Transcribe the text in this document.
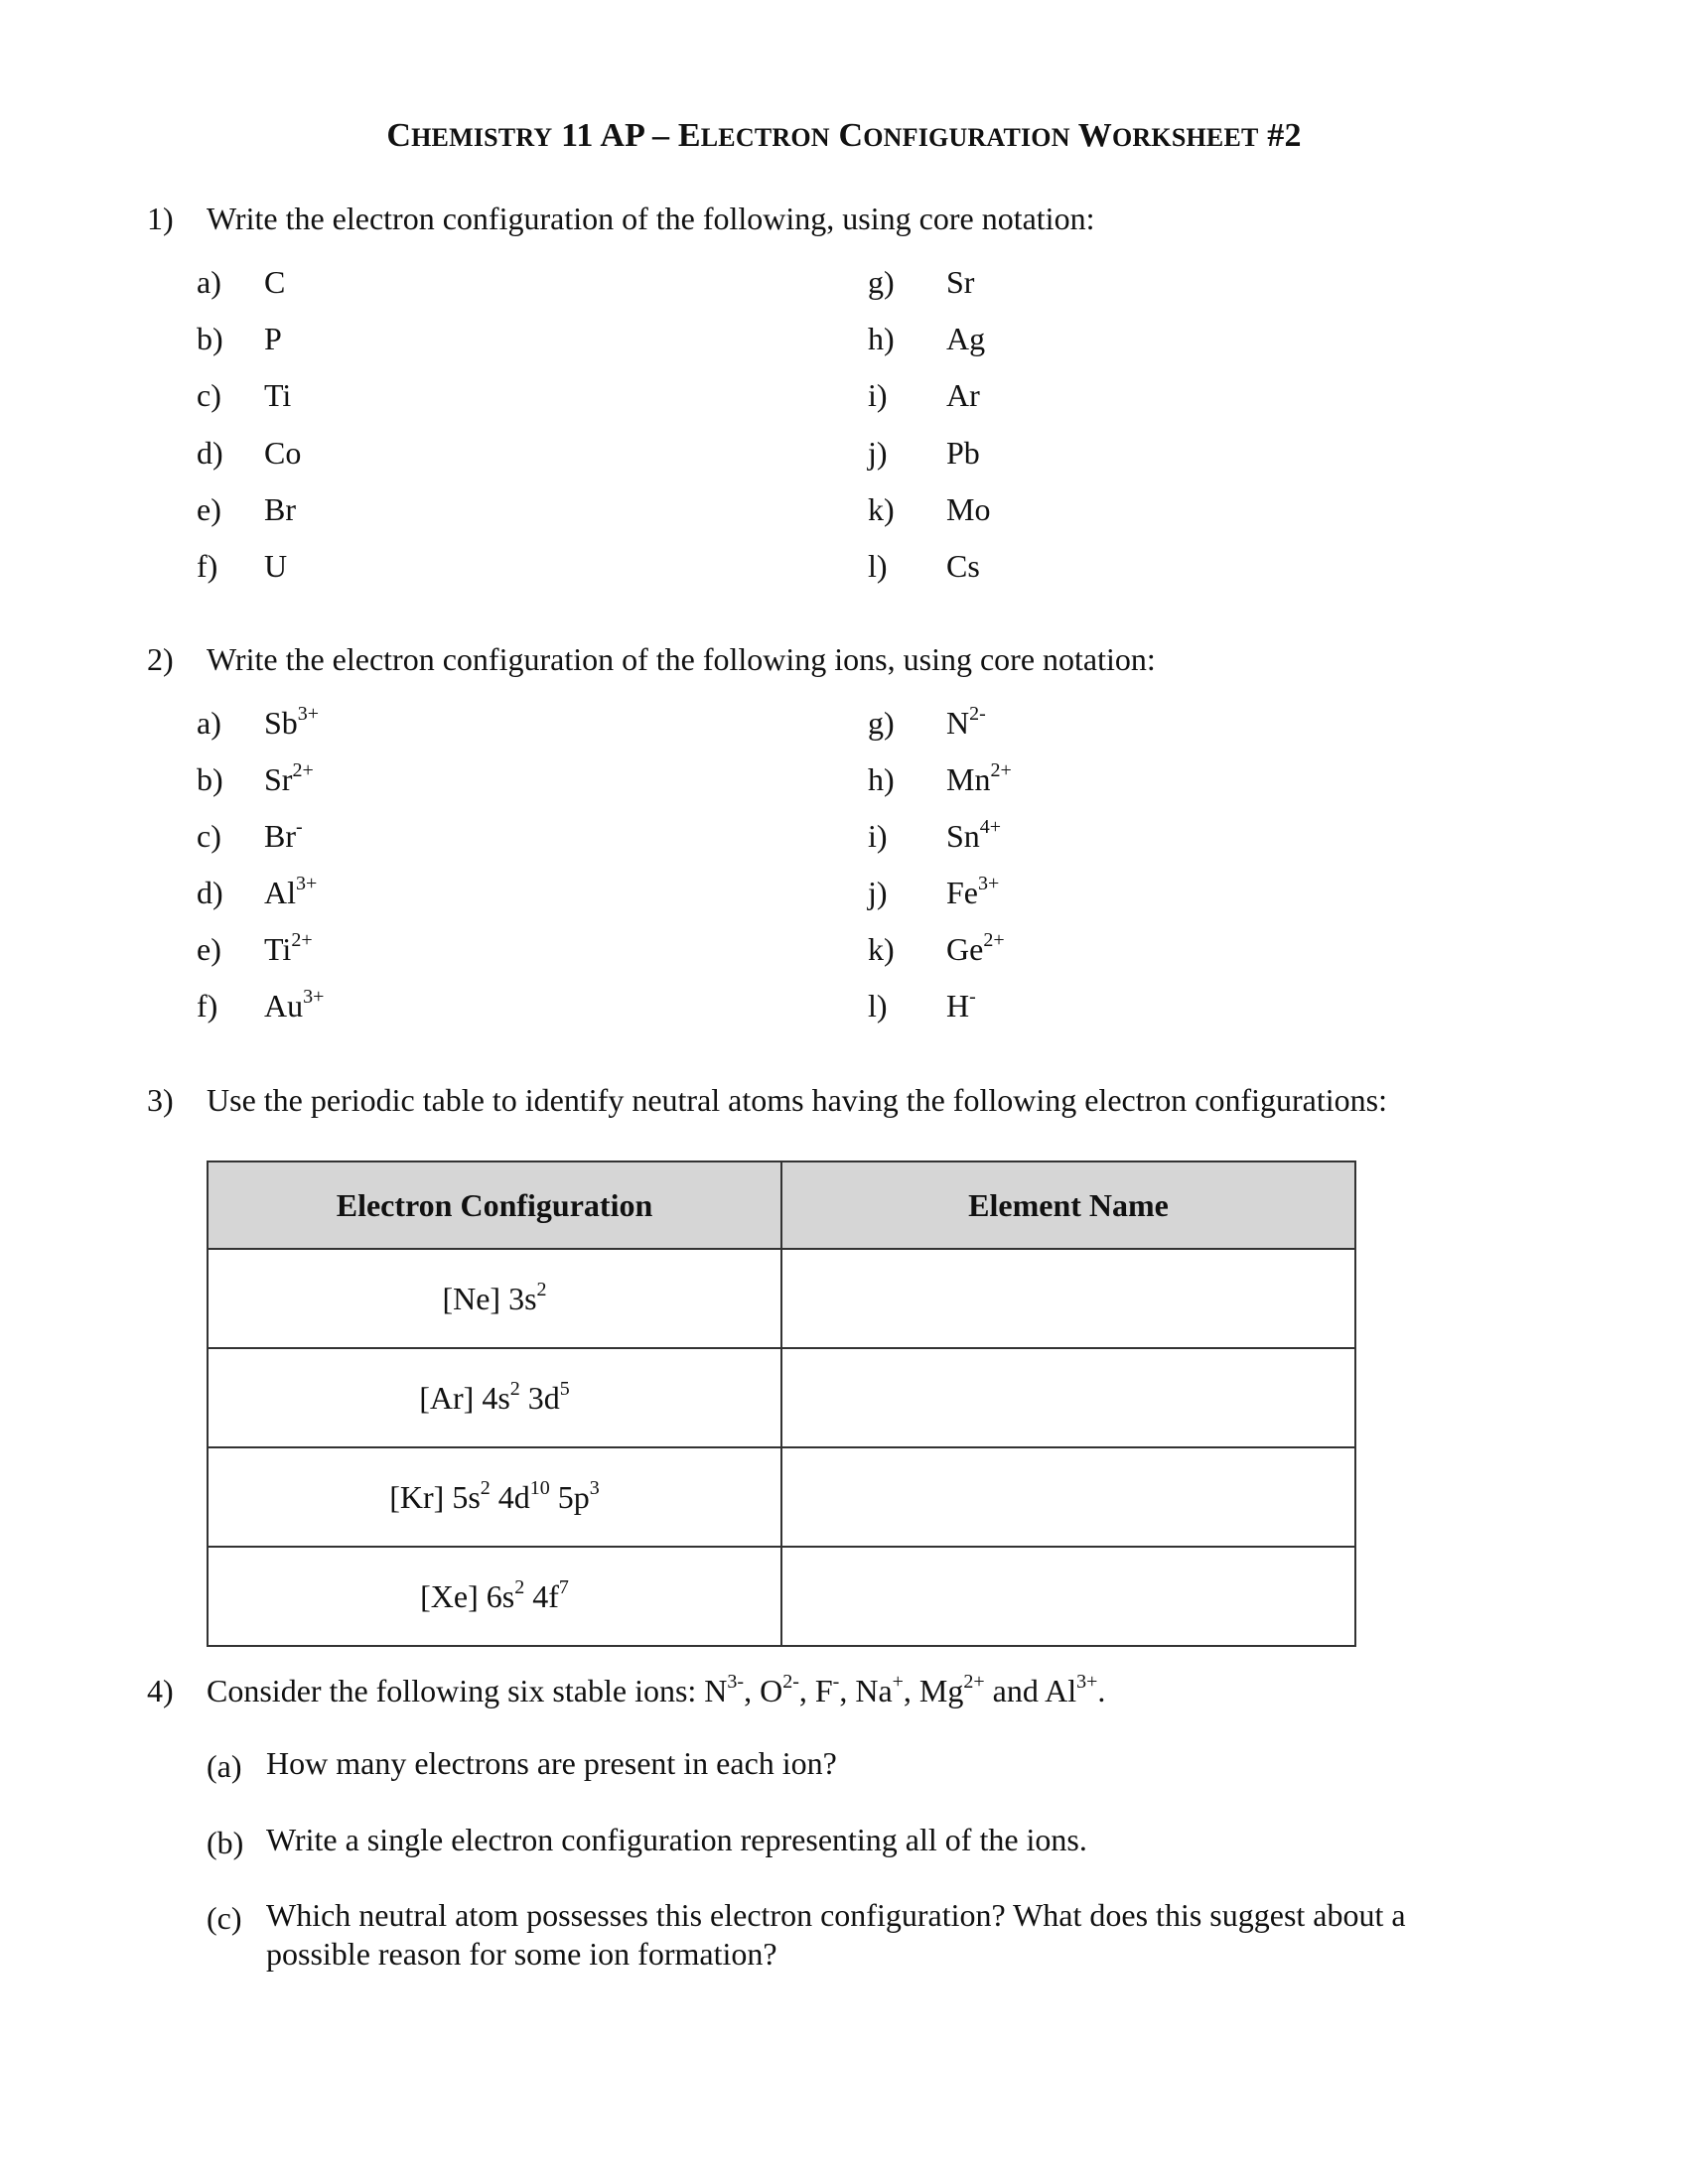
CHEMISTRY 11 AP – ELECTRON CONFIGURATION WORKSHEET #2
1) Write the electron configuration of the following, using core notation:
a) C
b) P
c) Ti
d) Co
e) Br
f) U
g) Sr
h) Ag
i) Ar
j) Pb
k) Mo
l) Cs
2) Write the electron configuration of the following ions, using core notation:
a) $Sb^{3+}$
b) $Sr^{2+}$
c) Br-
d) $Al^{3+}$
e) $Ti^{2+}$
f) $Au^{3+}$
g) $N^{2-}$
h) $Mn^{2+}$
i) $Sn^{4+}$
j) $Fe^{3+}$
k) $Ge^{2+}$
l) H-
3) Use the periodic table to identify neutral atoms having the following electron configurations:
Electron Configuration	Element Name
[Ne] $3s^2$	
[Ar] $4s^2$ $3d^5$	
[Kr] $5s^2$ $4d^{10}$ $5p^3$	
[Xe] $6s^2$ $4f^7$	
4) Consider the following six stable ions: $N^{3-}$, $O^{2-}$, F-, Na+, $Mg^{2+}$ and $Al^{3+}$.
(a) How many electrons are present in each ion?
(b) Write a single electron configuration representing all of the ions.
(c) Which neutral atom possesses this electron configuration? What does this suggest about a possible reason for some ion formation?
